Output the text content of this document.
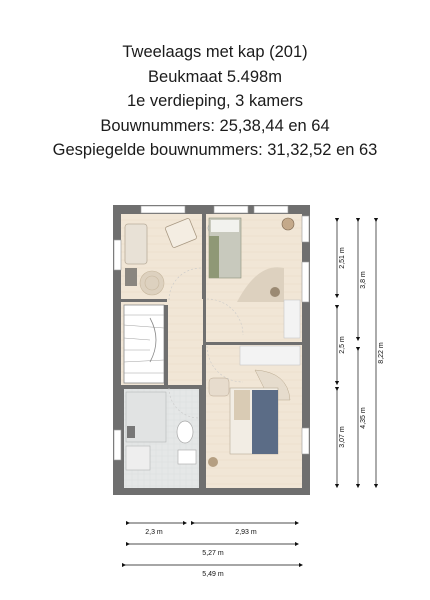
Tweelaags met kap (201)
Beukmaat 5.498m
1e verdieping, 3 kamers
Bouwnummers: 25,38,44 en 64
Gespiegelde bouwnummers: 31,32,52 en 63
2,3 m	2,93 m
5,27 m
5,49 m
2,51 m
2,5 m
3,07 m
3,8 m
4,35 m
8,22 m
